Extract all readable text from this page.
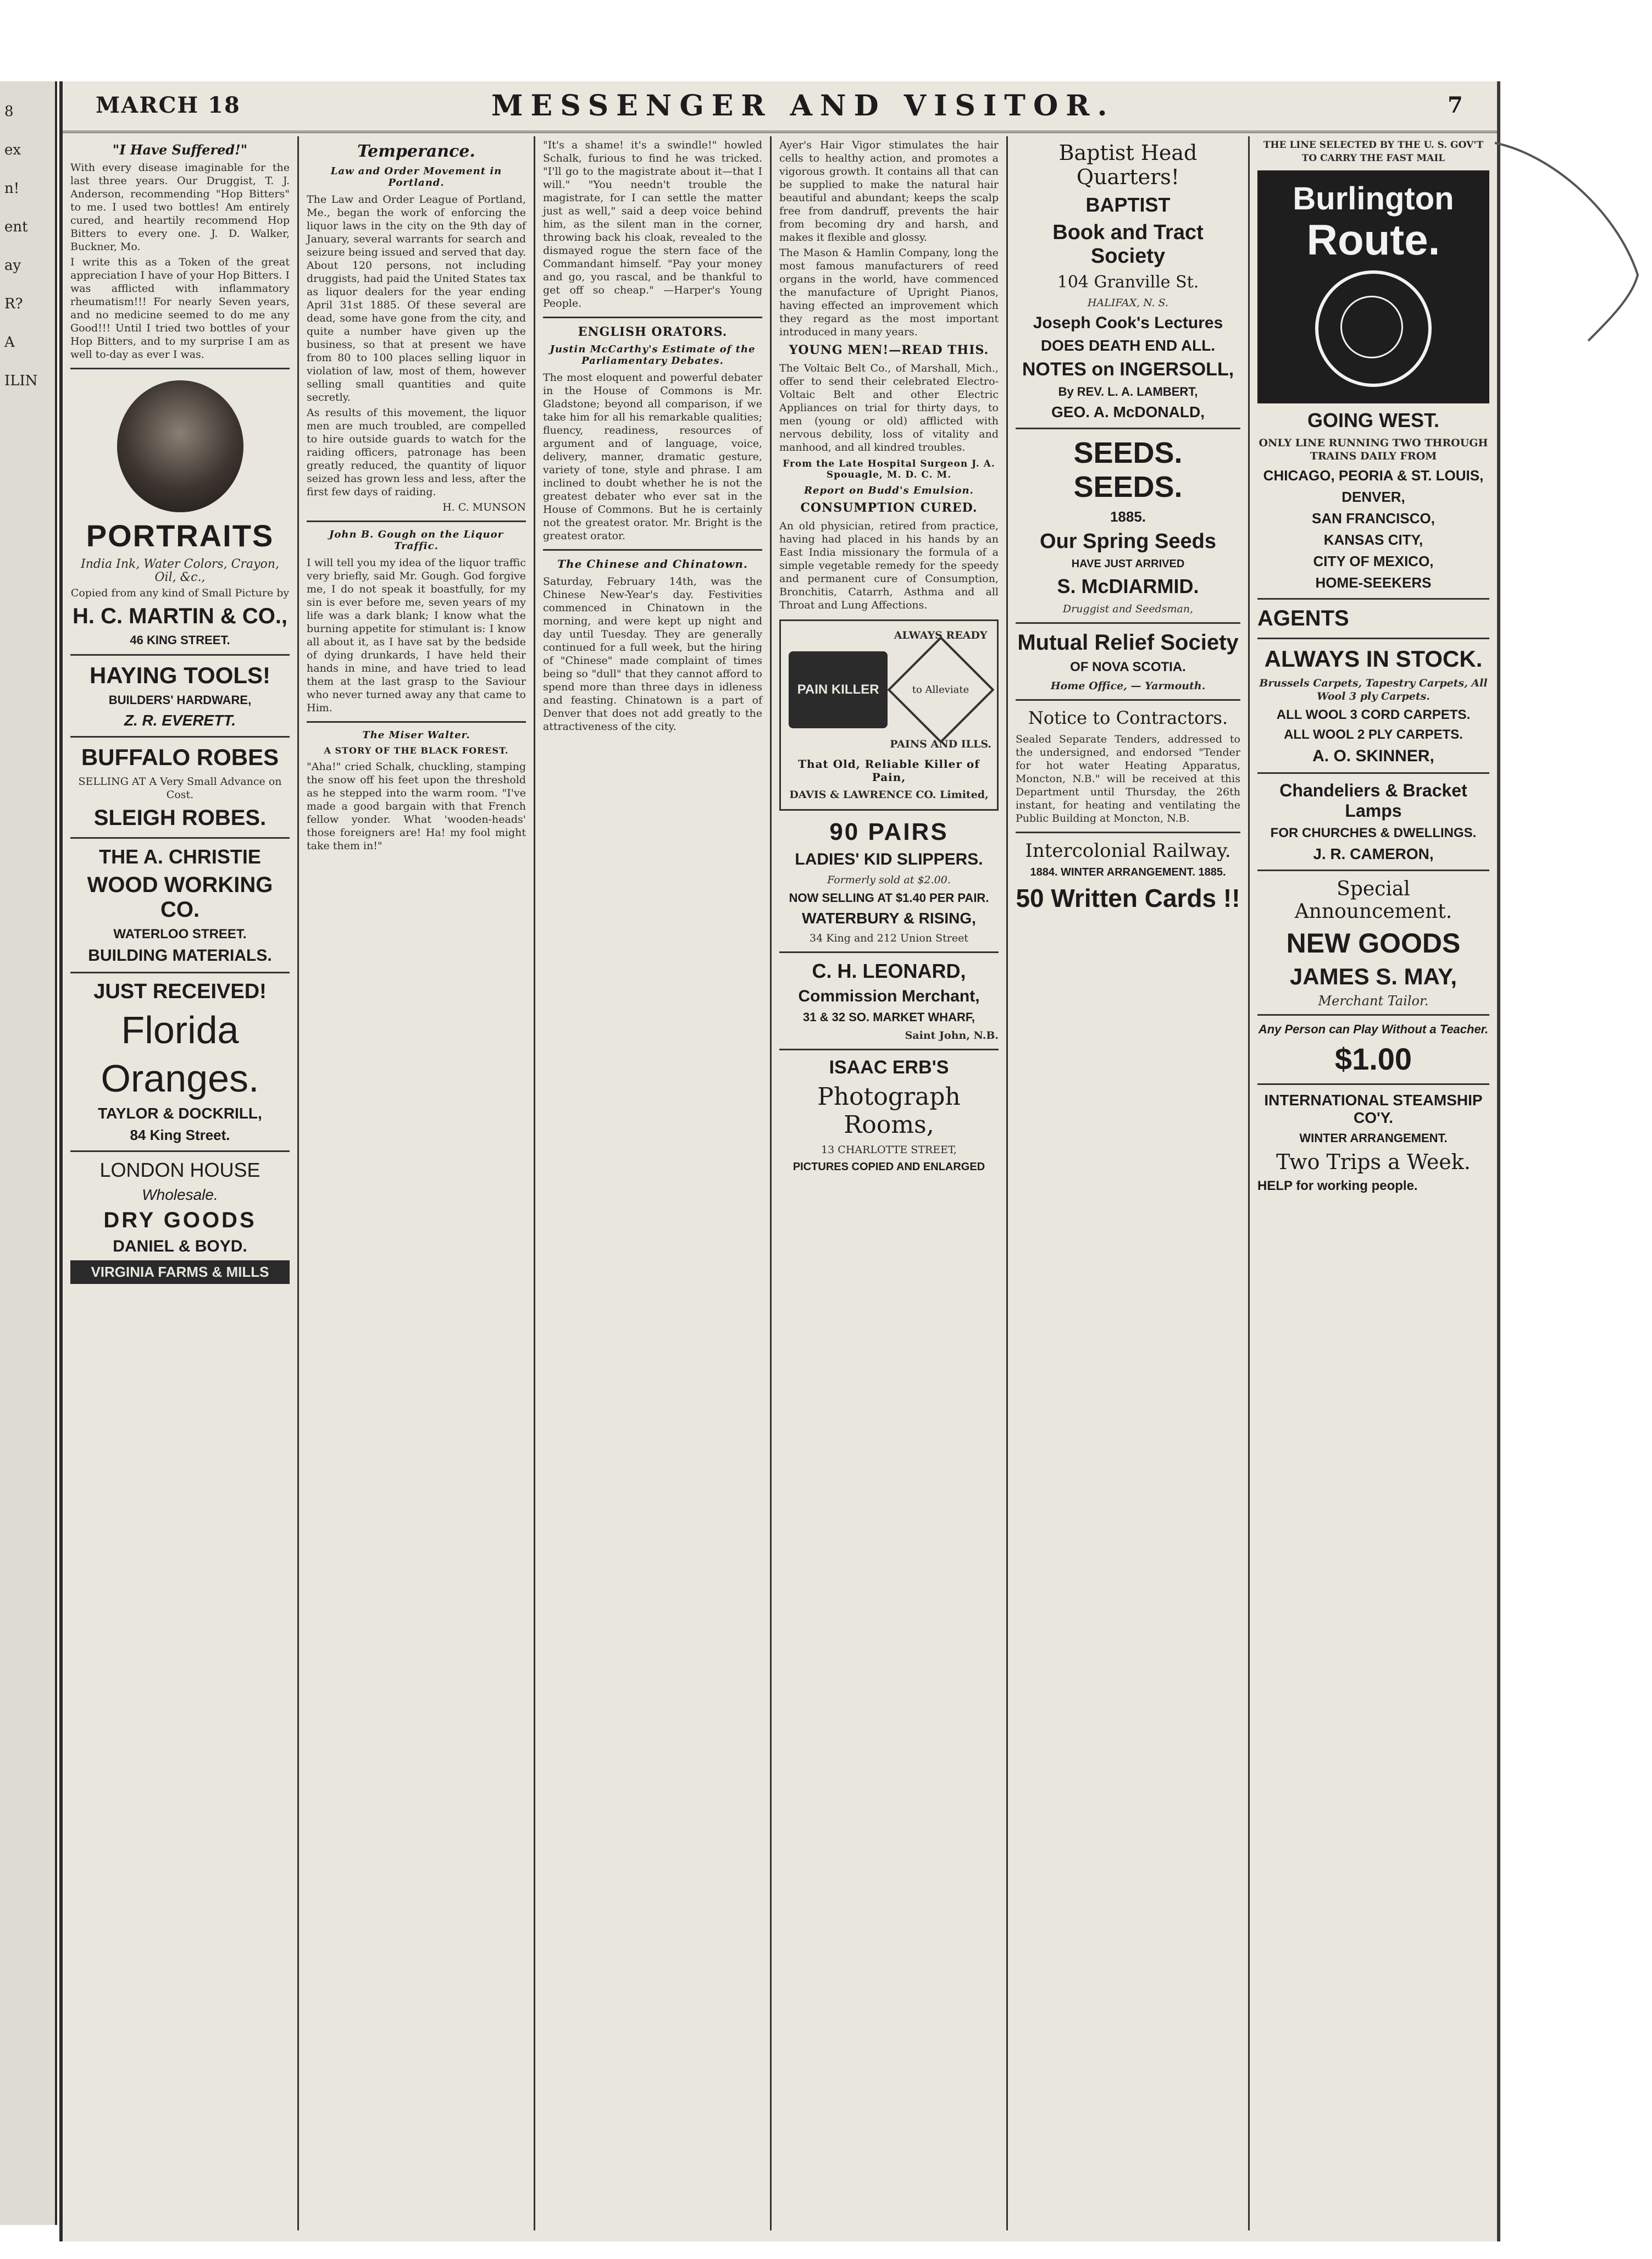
8
ex
n!
ent
ay
R?
A
ILIN
MARCH 18	MESSENGER AND VISITOR.	7
"I Have Suffered!"

With every disease imaginable for the last three years. Our Druggist, T. J. Anderson, recommending "Hop Bitters" to me. I used two bottles! Am entirely cured, and heartily recommend Hop Bitters to every one. J. D. Walker, Buckner, Mo.

I write this as a Token of the great appreciation I have of your Hop Bitters. I was afflicted with inflammatory rheumatism!!! For nearly Seven years, and no medicine seemed to do me any Good!!! Until I tried two bottles of your Hop Bitters, and to my surprise I am as well to-day as ever I was.

PORTRAITS
India Ink, Water Colors, Crayon, Oil, &c.,
Copied from any kind of Small Picture by
H. C. MARTIN & CO.,
46 KING STREET.
HAYING TOOLS!
BUILDERS' HARDWARE,
Z. R. EVERETT.
BUFFALO ROBES
SELLING AT A Very Small Advance on Cost.
SLEIGH ROBES.
THE A. CHRISTIE
WOOD WORKING CO.
WATERLOO STREET.
BUILDING MATERIALS.
JUST RECEIVED!
Florida
Oranges.
TAYLOR & DOCKRILL,
84 King Street.
LONDON HOUSE
Wholesale.
DRY GOODS
DANIEL & BOYD.
VIRGINIA FARMS & MILLS
Temperance.
Law and Order Movement in Portland.

The Law and Order League of Portland, Me., began the work of enforcing the liquor laws in the city on the 9th day of January, several warrants for search and seizure being issued and served that day. About 120 persons, not including druggists, had paid the United States tax as liquor dealers for the year ending April 31st 1885. Of these several are dead, some have gone from the city, and quite a number have given up the business, so that at present we have from 80 to 100 places selling liquor in violation of law, most of them, however selling small quantities and quite secretly.

As results of this movement, the liquor men are much troubled, are compelled to hire outside guards to watch for the raiding officers, patronage has been greatly reduced, the quantity of liquor seized has grown less and less, after the first few days of raiding.

H. C. MUNSON
John B. Gough on the Liquor Traffic.

I will tell you my idea of the liquor traffic very briefly, said Mr. Gough. God forgive me, I do not speak it boastfully, for my sin is ever before me, seven years of my life was a dark blank; I know what the burning appetite for stimulant is: I know all about it, as I have sat by the bedside of dying drunkards, I have held their hands in mine, and have tried to lead them at the last grasp to the Saviour who never turned away any that came to Him.

The Miser Walter.
A STORY OF THE BLACK FOREST.

"Aha!" cried Schalk, chuckling, stamping the snow off his feet upon the threshold as he stepped into the warm room. "I've made a good bargain with that French fellow yonder. What 'wooden-heads' those foreigners are! Ha! my fool might take them in!"

"It's a shame! it's a swindle!" howled Schalk, furious to find he was tricked. "I'll go to the magistrate about it—that I will." "You needn't trouble the magistrate, for I can settle the matter just as well," said a deep voice behind him, as the silent man in the corner, throwing back his cloak, revealed to the dismayed rogue the stern face of the Commandant himself. "Pay your money and go, you rascal, and be thankful to get off so cheap." —Harper's Young People.

ENGLISH ORATORS.
Justin McCarthy's Estimate of the Parliamentary Debates.

The most eloquent and powerful debater in the House of Commons is Mr. Gladstone; beyond all comparison, if we take him for all his remarkable qualities; fluency, readiness, resources of argument and of language, voice, delivery, manner, dramatic gesture, variety of tone, style and phrase. I am inclined to doubt whether he is not the greatest debater who ever sat in the House of Commons. But he is certainly not the greatest orator. Mr. Bright is the greatest orator.

The Chinese and Chinatown.

Saturday, February 14th, was the Chinese New-Year's day. Festivities commenced in Chinatown in the morning, and were kept up night and day until Tuesday. They are generally continued for a full week, but the hiring of "Chinese" made complaint of times being so "dull" that they cannot afford to spend more than three days in idleness and feasting. Chinatown is a part of Denver that does not add greatly to the attractiveness of the city.

Ayer's Hair Vigor stimulates the hair cells to healthy action, and promotes a vigorous growth. It contains all that can be supplied to make the natural hair beautiful and abundant; keeps the scalp free from dandruff, prevents the hair from becoming dry and harsh, and makes it flexible and glossy.

The Mason & Hamlin Company, long the most famous manufacturers of reed organs in the world, have commenced the manufacture of Upright Pianos, having effected an improvement which they regard as the most important introduced in many years.

YOUNG MEN!—READ THIS.

The Voltaic Belt Co., of Marshall, Mich., offer to send their celebrated Electro-Voltaic Belt and other Electric Appliances on trial for thirty days, to men (young or old) afflicted with nervous debility, loss of vitality and manhood, and all kindred troubles.

From the Late Hospital Surgeon J. A. Spouagle, M. D. C. M.
Report on Budd's Emulsion.
CONSUMPTION CURED.

An old physician, retired from practice, having had placed in his hands by an East India missionary the formula of a simple vegetable remedy for the speedy and permanent cure of Consumption, Bronchitis, Catarrh, Asthma and all Throat and Lung Affections.

PAIN KILLER
ALWAYS READY
to Alleviate
PAINS AND ILLS.
That Old, Reliable Killer of Pain,
DAVIS & LAWRENCE CO. Limited,
90 PAIRS
LADIES' KID SLIPPERS.
Formerly sold at $2.00.
NOW SELLING AT $1.40 PER PAIR.
WATERBURY & RISING,
34 King and 212 Union Street
C. H. LEONARD,
Commission Merchant,
31 & 32 SO. MARKET WHARF,
Saint John, N.B.
ISAAC ERB'S
Photograph Rooms,
13 CHARLOTTE STREET,
PICTURES COPIED AND ENLARGED
Baptist Head Quarters!
BAPTIST
Book and Tract Society
104 Granville St.
HALIFAX, N. S.
Joseph Cook's Lectures
DOES DEATH END ALL.
NOTES on INGERSOLL,
By REV. L. A. LAMBERT,
GEO. A. McDONALD,
SEEDS. SEEDS.
1885.
Our Spring Seeds
HAVE JUST ARRIVED
S. McDIARMID.
Druggist and Seedsman,
Mutual Relief Society
OF NOVA SCOTIA.
Home Office, — Yarmouth.
Notice to Contractors.

Sealed Separate Tenders, addressed to the undersigned, and endorsed "Tender for hot water Heating Apparatus, Moncton, N.B." will be received at this Department until Thursday, the 26th instant, for heating and ventilating the Public Building at Moncton, N.B.

Intercolonial Railway.
1884. WINTER ARRANGEMENT. 1885.
50 Written Cards !!
THE LINE SELECTED BY THE U. S. GOV'T TO CARRY THE FAST MAIL
Burlington
Route.
GOING WEST.
ONLY LINE RUNNING TWO THROUGH TRAINS DAILY FROM
CHICAGO, PEORIA & ST. LOUIS,
DENVER,
SAN FRANCISCO,
KANSAS CITY,
CITY OF MEXICO,
HOME-SEEKERS
AGENTS
ALWAYS IN STOCK.
Brussels Carpets, Tapestry Carpets, All Wool 3 ply Carpets.
ALL WOOL 3 CORD CARPETS.
ALL WOOL 2 PLY CARPETS.
A. O. SKINNER,
Chandeliers & Bracket Lamps
FOR CHURCHES & DWELLINGS.
J. R. CAMERON,
Special Announcement.
NEW GOODS
JAMES S. MAY,
Merchant Tailor.
Any Person can Play Without a Teacher.
$1.00
INTERNATIONAL STEAMSHIP CO'Y.
WINTER ARRANGEMENT.
Two Trips a Week.
HELP for working people.
